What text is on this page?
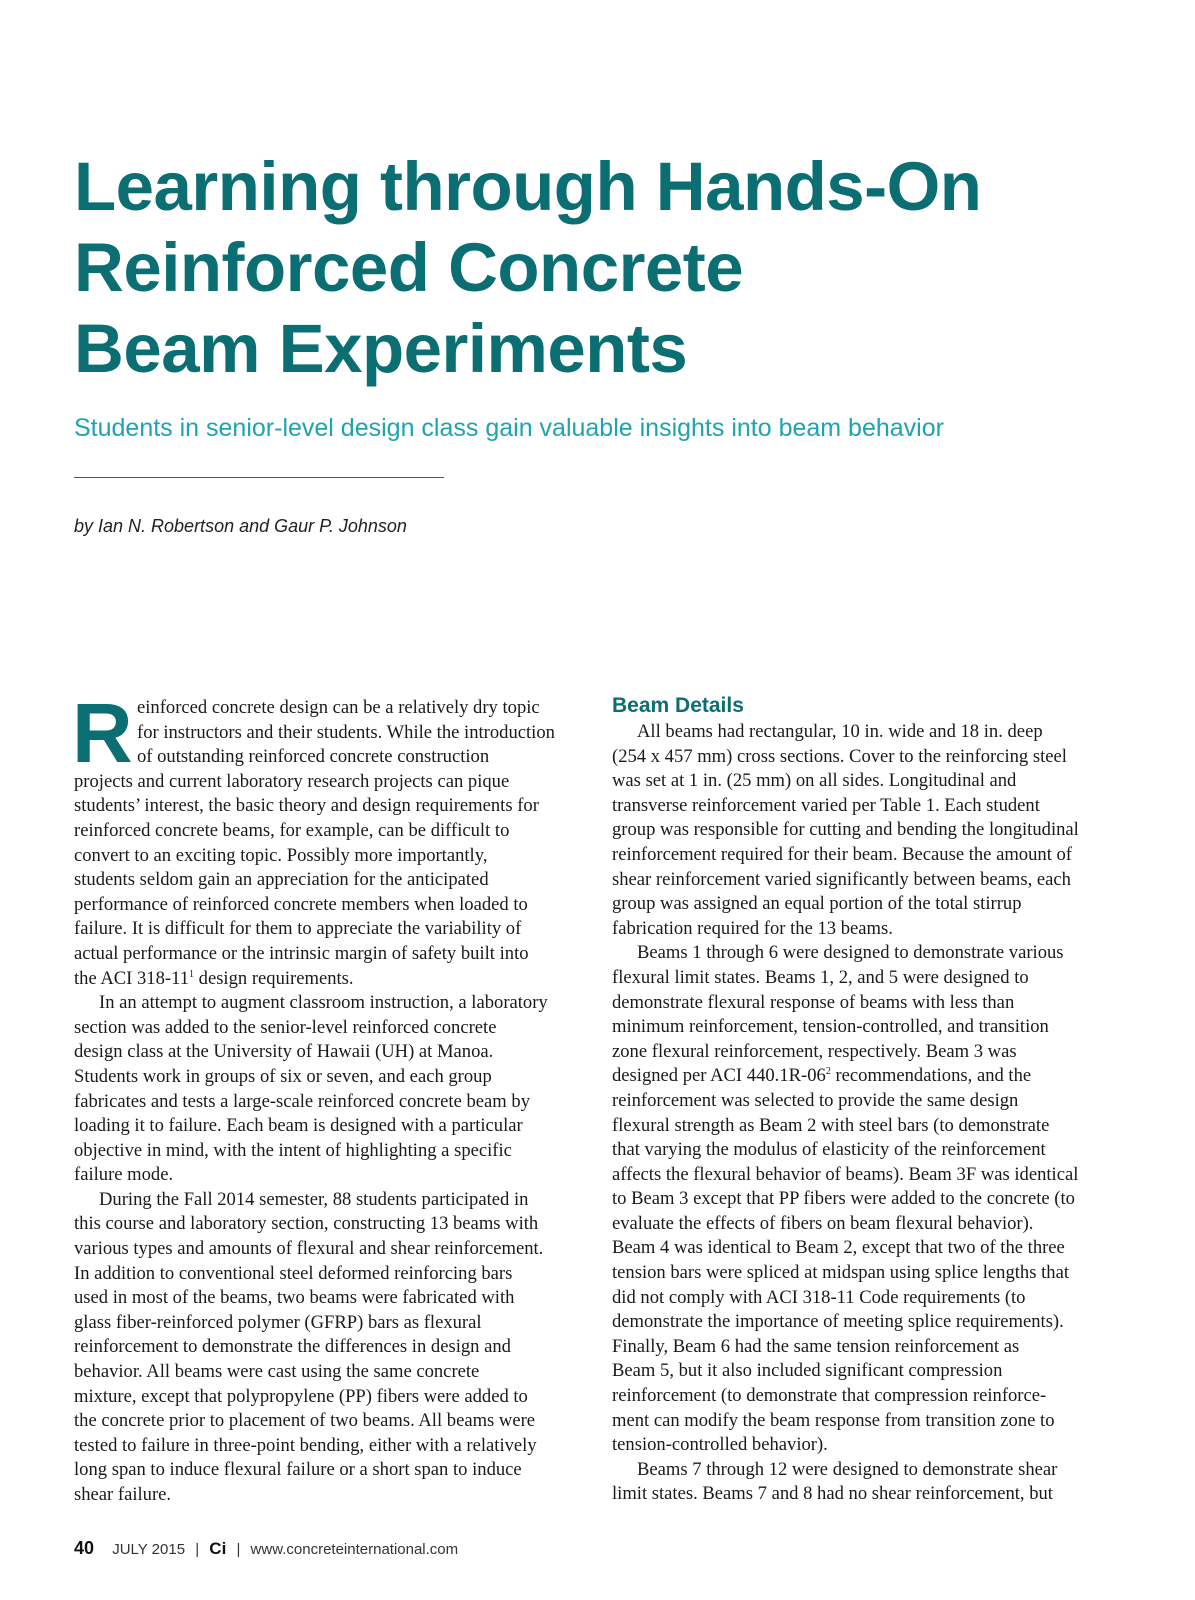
Learning through Hands-On
Reinforced Concrete
Beam Experiments
Students in senior-level design class gain valuable insights into beam behavior
by Ian N. Robertson and Gaur P. Johnson
R einforced concrete design can be a relatively dry topic
for instructors and their students. While the introduction
of outstanding reinforced concrete construction
projects and current laboratory research projects can pique
students’ interest, the basic theory and design requirements for
reinforced concrete beams, for example, can be difficult to
convert to an exciting topic. Possibly more importantly,
students seldom gain an appreciation for the anticipated
performance of reinforced concrete members when loaded to
failure. It is difficult for them to appreciate the variability of
actual performance or the intrinsic margin of safety built into
the ACI $318-11^1$ design requirements.

In an attempt to augment classroom instruction, a laboratory
section was added to the senior-level reinforced concrete
design class at the University of Hawaii (UH) at Manoa.
Students work in groups of six or seven, and each group
fabricates and tests a large-scale reinforced concrete beam by
loading it to failure. Each beam is designed with a particular
objective in mind, with the intent of highlighting a specific
failure mode.

During the Fall 2014 semester, 88 students participated in
this course and laboratory section, constructing 13 beams with
various types and amounts of flexural and shear reinforcement.
In addition to conventional steel deformed reinforcing bars
used in most of the beams, two beams were fabricated with
glass fiber-reinforced polymer (GFRP) bars as flexural
reinforcement to demonstrate the differences in design and
behavior. All beams were cast using the same concrete
mixture, except that polypropylene (PP) fibers were added to
the concrete prior to placement of two beams. All beams were
tested to failure in three-point bending, either with a relatively
long span to induce flexural failure or a short span to induce
shear failure.

Beam Details

All beams had rectangular, 10 in. wide and 18 in. deep
(254 x 457 mm) cross sections. Cover to the reinforcing steel
was set at 1 in. (25 mm) on all sides. Longitudinal and
transverse reinforcement varied per Table 1. Each student
group was responsible for cutting and bending the longitudinal
reinforcement required for their beam. Because the amount of
shear reinforcement varied significantly between beams, each
group was assigned an equal portion of the total stirrup
fabrication required for the 13 beams.

Beams 1 through 6 were designed to demonstrate various
flexural limit states. Beams 1, 2, and 5 were designed to
demonstrate flexural response of beams with less than
minimum reinforcement, tension-controlled, and transition
zone flexural reinforcement, respectively. Beam 3 was
designed per ACI $440.1R-06^2$ recommendations, and the
reinforcement was selected to provide the same design
flexural strength as Beam 2 with steel bars (to demonstrate
that varying the modulus of elasticity of the reinforcement
affects the flexural behavior of beams). Beam 3F was identical
to Beam 3 except that PP fibers were added to the concrete (to
evaluate the effects of fibers on beam flexural behavior).
Beam 4 was identical to Beam 2, except that two of the three
tension bars were spliced at midspan using splice lengths that
did not comply with ACI 318-11 Code requirements (to
demonstrate the importance of meeting splice requirements).
Finally, Beam 6 had the same tension reinforcement as
Beam 5, but it also included significant compression
reinforcement (to demonstrate that compression reinforce-
ment can modify the beam response from transition zone to
tension-controlled behavior).

Beams 7 through 12 were designed to demonstrate shear
limit states. Beams 7 and 8 had no shear reinforcement, but

40 JULY 2015 | Ci | www.concreteinternational.com
